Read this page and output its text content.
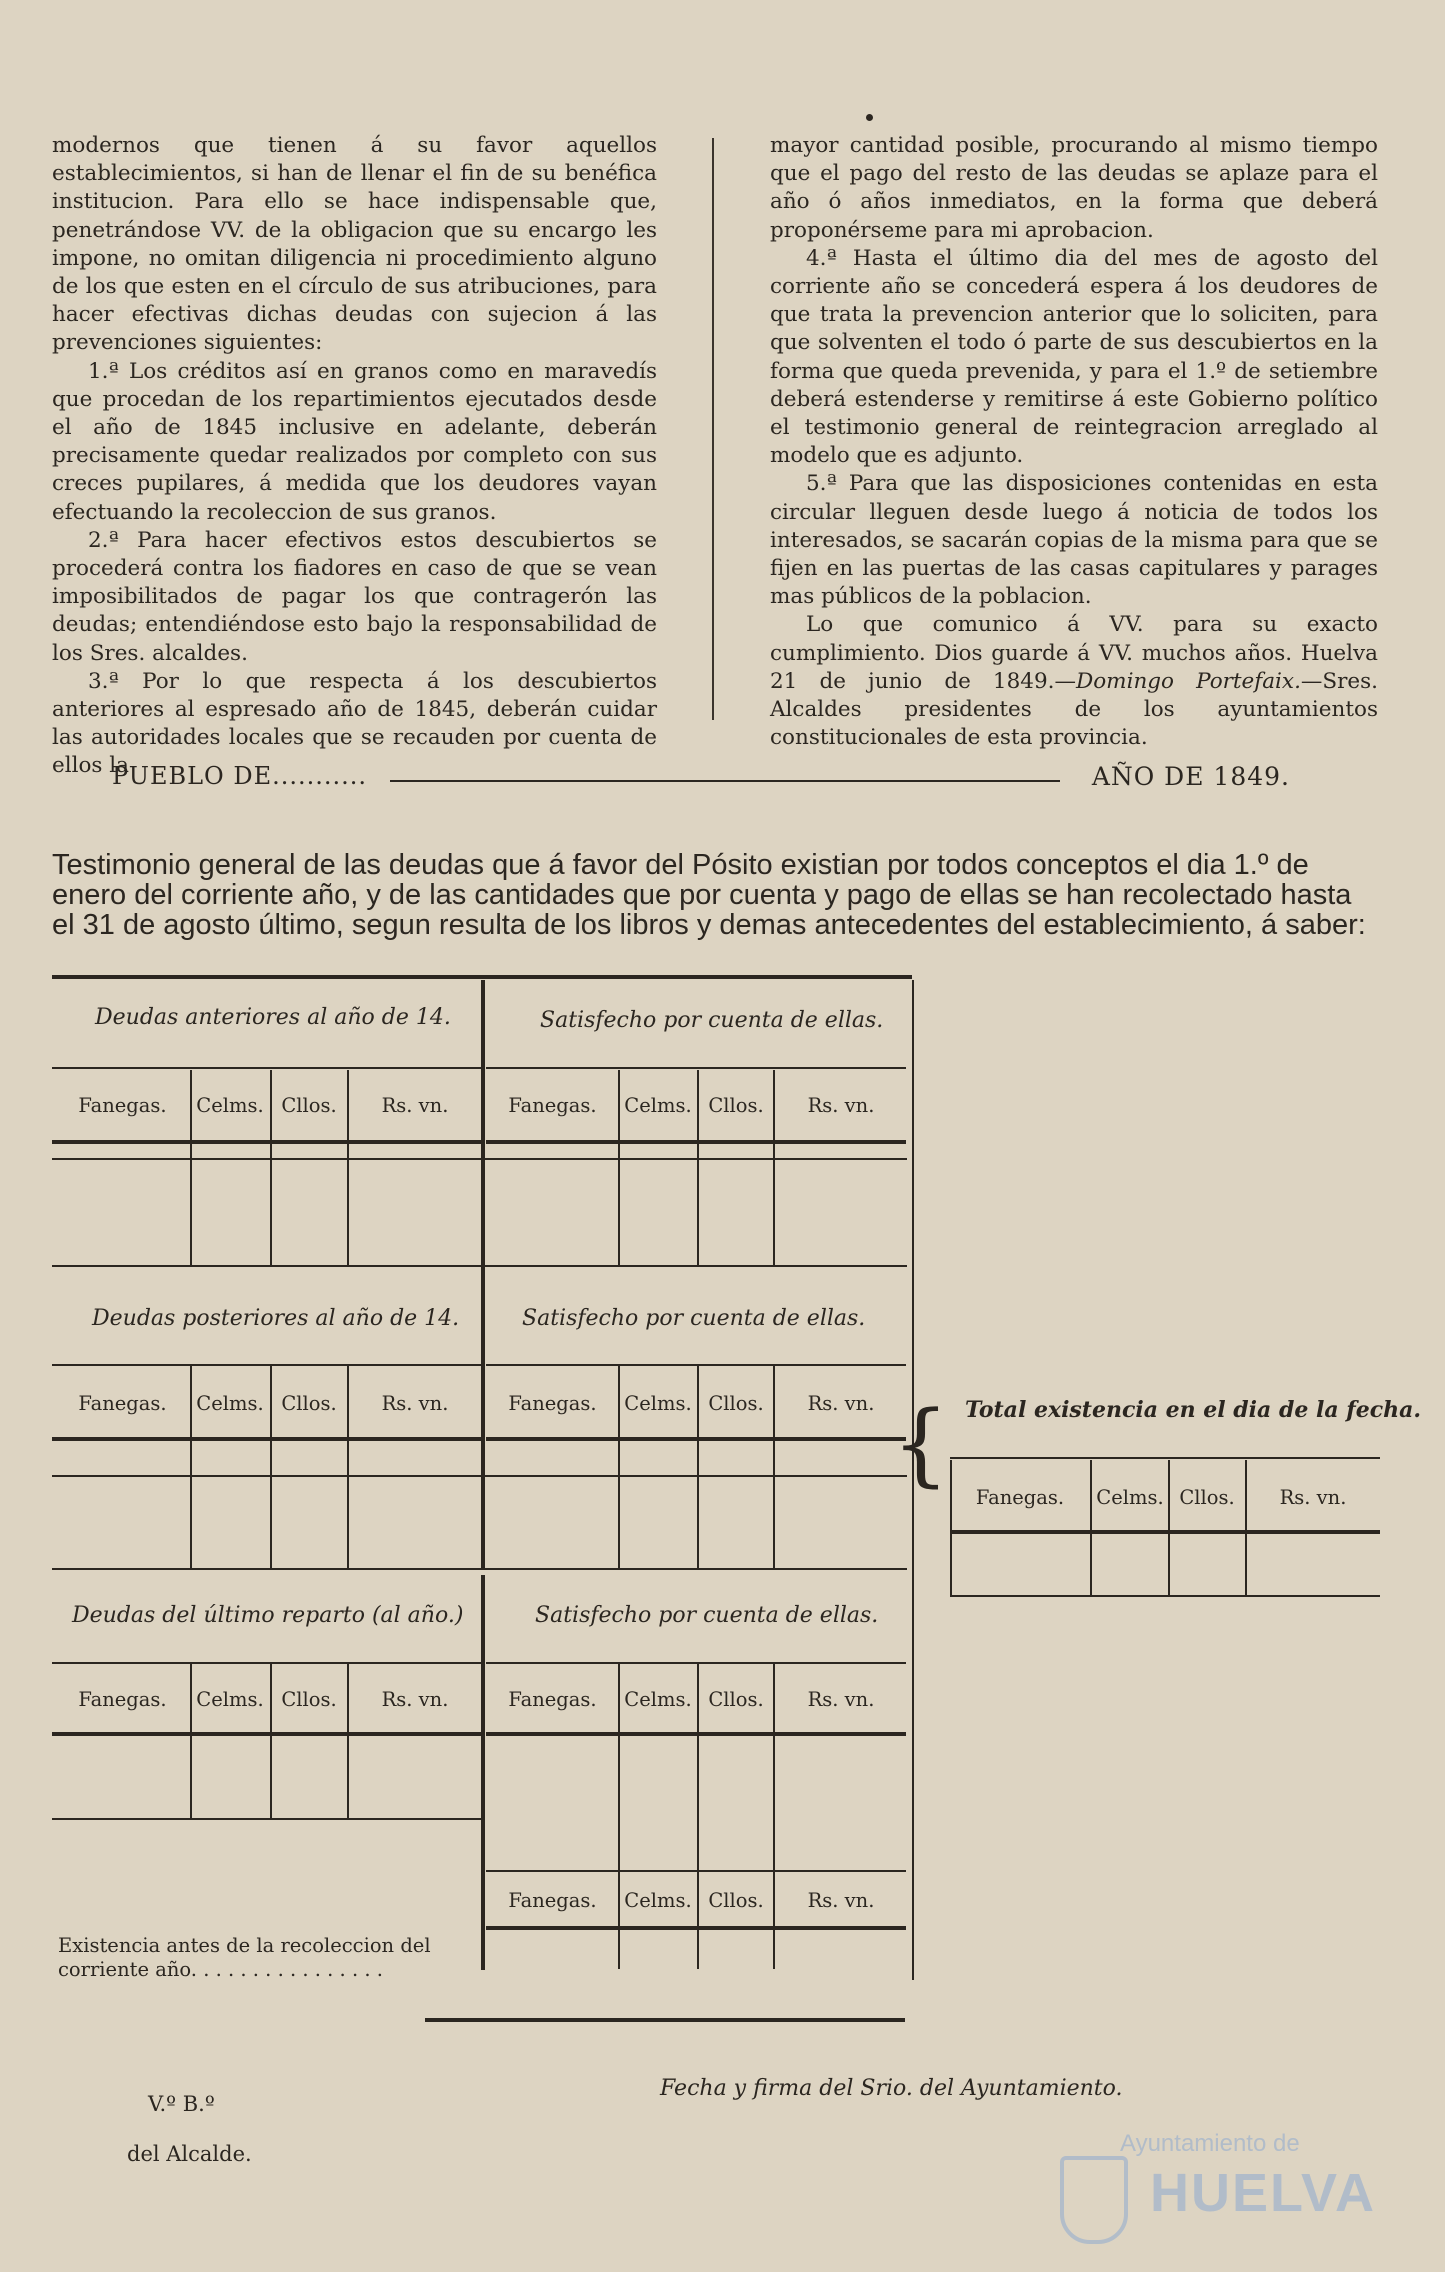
modernos que tienen á su favor aquellos establecimientos, si han de llenar el fin de su benéfica institucion. Para ello se hace indispensable que, penetrándose VV. de la obligacion que su encargo les impone, no omitan diligencia ni procedimiento alguno de los que esten en el círculo de sus atribuciones, para hacer efectivas dichas deudas con sujecion á las prevenciones siguientes:

1.ª Los créditos así en granos como en maravedís que procedan de los repartimientos ejecutados desde el año de 1845 inclusive en adelante, deberán precisamente quedar realizados por completo con sus creces pupilares, á medida que los deudores vayan efectuando la recoleccion de sus granos.

2.ª Para hacer efectivos estos descubiertos se procederá contra los fiadores en caso de que se vean imposibilitados de pagar los que contragerón las deudas; entendiéndose esto bajo la responsabilidad de los Sres. alcaldes.

3.ª Por lo que respecta á los descubiertos anteriores al espresado año de 1845, deberán cuidar las autoridades locales que se recauden por cuenta de ellos la

mayor cantidad posible, procurando al mismo tiempo que el pago del resto de las deudas se aplaze para el año ó años inmediatos, en la forma que deberá proponérseme para mi aprobacion.

4.ª Hasta el último dia del mes de agosto del corriente año se concederá espera á los deudores de que trata la prevencion anterior que lo soliciten, para que solventen el todo ó parte de sus descubiertos en la forma que queda prevenida, y para el 1.º de setiembre deberá estenderse y remitirse á este Gobierno político el testimonio general de reintegracion arreglado al modelo que es adjunto.

5.ª Para que las disposiciones contenidas en esta circular lleguen desde luego á noticia de todos los interesados, se sacarán copias de la misma para que se fijen en las puertas de las casas capitulares y parages mas públicos de la poblacion.

Lo que comunico á VV. para su exacto cumplimiento. Dios guarde á VV. muchos años. Huelva 21 de junio de 1849.—Domingo Portefaix.—Sres. Alcaldes presidentes de los ayuntamientos constitucionales de esta provincia.

PUEBLO DE...........	AÑO DE 1849.

Testimonio general de las deudas que á favor del Pósito existian por todos conceptos el dia 1.º de enero del corriente año, y de las cantidades que por cuenta y pago de ellas se han recolectado hasta el 31 de agosto último, segun resulta de los libros y demas antecedentes del establecimiento, á saber:

Deudas anteriores al año de 14.	Satisfecho por cuenta de ellas.
Fanegas.	Celms. Cllos.	Rs. vn.	Fanegas.	Celms. Cllos.	Rs. vn.
Deudas posteriores al año de 14.	Satisfecho por cuenta de ellas.
Fanegas.	Celms. Cllos.	Rs. vn.	Fanegas.	Celms. Cllos.	Rs. vn.
Deudas del último reparto (al año.)	Satisfecho por cuenta de ellas.
Fanegas.	Celms. Cllos.	Rs. vn.	Fanegas.	Celms. Cllos.	Rs. vn.
Fanegas.	Celms. Cllos.	Rs. vn.
Existencia antes de la recoleccion del corriente año. . . . . . . . . . . . . . . .
{ Total existencia en el dia de la fecha.
Fanegas.	Celms. Cllos.	Rs. vn.
Fecha y firma del Srio. del Ayuntamiento.
V.º B.º
del Alcalde.	Ayuntamiento de
HUELVA
